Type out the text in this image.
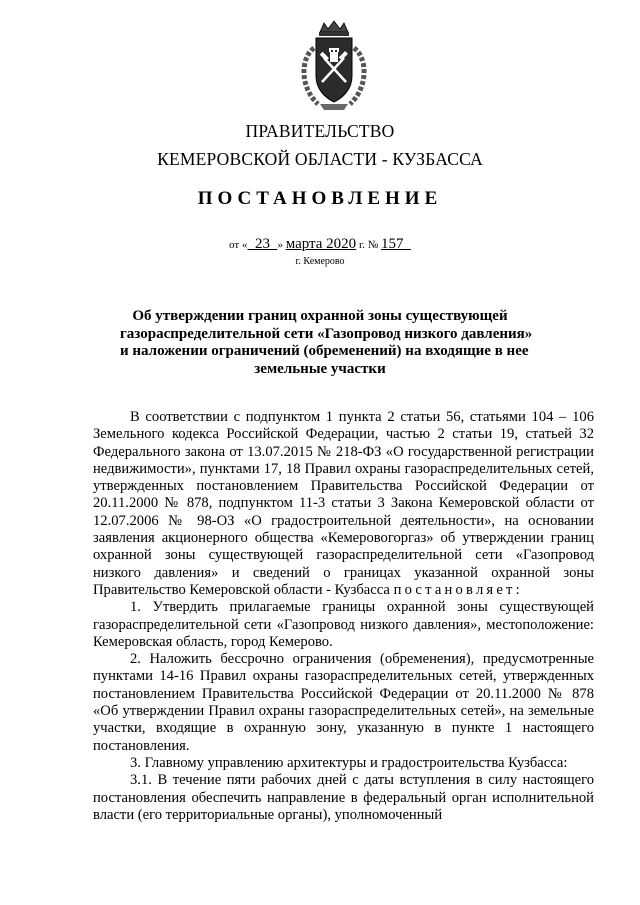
ПРАВИТЕЛЬСТВО
КЕМЕРОВСКОЙ ОБЛАСТИ - КУЗБАССА
ПОСТАНОВЛЕНИЕ
от « 23 » марта 2020 г. № 157
г. Кемерово
Об утверждении границ охранной зоны существующей
газораспределительной сети «Газопровод низкого давления»
и наложении ограничений (обременений) на входящие в нее
земельные участки

В соответствии с подпунктом 1 пункта 2 статьи 56, статьями 104 – 106 Земельного кодекса Российской Федерации, частью 2 статьи 19, статьей 32 Федерального закона от 13.07.2015 № 218-ФЗ «О государственной регистрации недвижимости», пунктами 17, 18 Правил охраны газораспределительных сетей, утвержденных постановлением Правительства Российской Федерации от 20.11.2000 № 878, подпунктом 11-3 статьи 3 Закона Кемеровской области от 12.07.2006 № 98-ОЗ «О градостроительной деятельности», на основании заявления акционерного общества «Кемеровогоргаз» об утверждении границ охранной зоны существующей газораспределительной сети «Газопровод низкого давления» и сведений о границах указанной охранной зоны Правительство Кемеровской области - Кузбасса постановляет:

1. Утвердить прилагаемые границы охранной зоны существующей газораспределительной сети «Газопровод низкого давления», местоположение: Кемеровская область, город Кемерово.

2. Наложить бессрочно ограничения (обременения), предусмотренные пунктами 14-16 Правил охраны газораспределительных сетей, утвержденных постановлением Правительства Российской Федерации от 20.11.2000 № 878 «Об утверждении Правил охраны газораспределительных сетей», на земельные участки, входящие в охранную зону, указанную в пункте 1 настоящего постановления.

3. Главному управлению архитектуры и градостроительства Кузбасса:

3.1. В течение пяти рабочих дней с даты вступления в силу настоящего постановления обеспечить направление в федеральный орган исполнительной власти (его территориальные органы), уполномоченный
